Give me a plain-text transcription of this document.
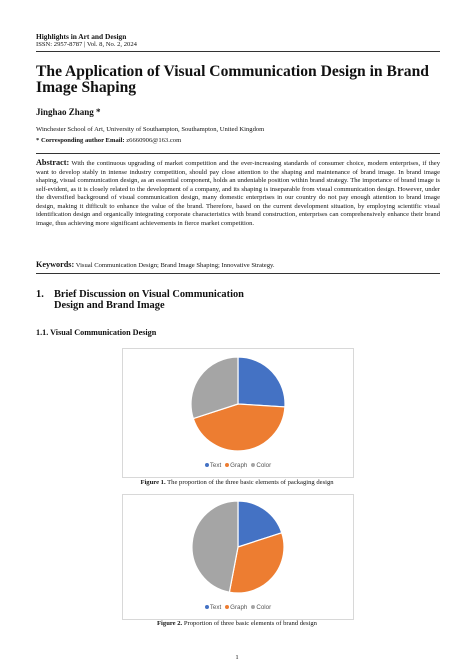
Highlights in Art and Design
ISSN: 2957-8787 | Vol. 8, No. 2, 2024
The Application of Visual Communication Design in Brand Image Shaping
Jinghao Zhang *
Winchester School of Art, University of Southampton, Southampton, United Kingdom
* Corresponding author Email: z6660906@163.com
Abstract: With the continuous upgrading of market competition and the ever-increasing standards of consumer choice, modern enterprises, if they want to develop stably in intense industry competition, should pay close attention to the shaping and maintenance of brand image. In brand image shaping, visual communication design, as an essential component, holds an undeniable position within brand strategy. The importance of brand image is self-evident, as it is closely related to the development of a company, and its shaping is inseparable from visual communication design. However, under the diversified background of visual communication design, many domestic enterprises in our country do not pay enough attention to brand image design, making it difficult to enhance the value of the brand. Therefore, based on the current development situation, by employing scientific visual identification design and organically integrating corporate characteristics with brand construction, enterprises can comprehensively enhance their brand image, thus achieving more significant achievements in fierce market competition.
Keywords: Visual Communication Design; Brand Image Shaping; Innovative Strategy.
1. Brief Discussion on Visual Communication Design and Brand Image
1.1. Visual Communication Design
Text Graph Color
Figure 1. The proportion of the three basic elements of packaging design
Text Graph Color
Figure 2. Proportion of three basic elements of brand design
1
